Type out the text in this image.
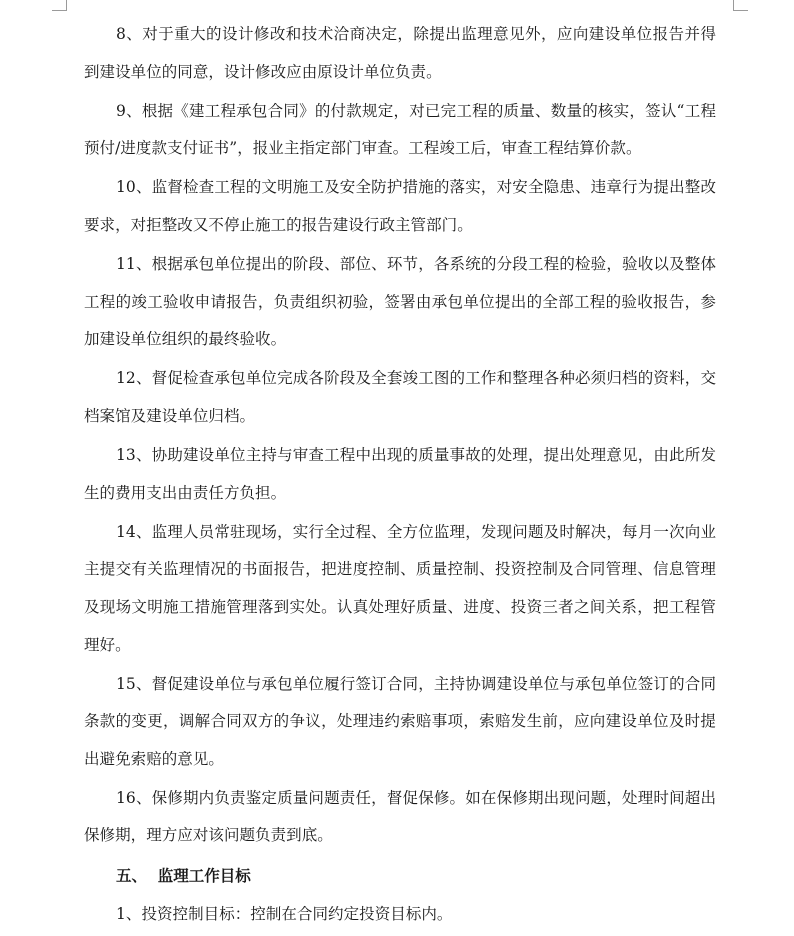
8、对于重大的设计修改和技术洽商决定，除提出监理意见外，应向建设单位报告并得到建设单位的同意，设计修改应由原设计单位负责。

9、根据《建工程承包合同》的付款规定，对已完工程的质量、数量的核实，签认“工程预付/进度款支付证书”，报业主指定部门审查。工程竣工后，审查工程结算价款。

10、监督检查工程的文明施工及安全防护措施的落实，对安全隐患、违章行为提出整改要求，对拒整改又不停止施工的报告建设行政主管部门。

11、根据承包单位提出的阶段、部位、环节，各系统的分段工程的检验，验收以及整体工程的竣工验收申请报告，负责组织初验，签署由承包单位提出的全部工程的验收报告，参加建设单位组织的最终验收。

12、督促检查承包单位完成各阶段及全套竣工图的工作和整理各种必须归档的资料，交档案馆及建设单位归档。

13、协助建设单位主持与审查工程中出现的质量事故的处理，提出处理意见，由此所发生的费用支出由责任方负担。

14、监理人员常驻现场，实行全过程、全方位监理，发现问题及时解决，每月一次向业主提交有关监理情况的书面报告，把进度控制、质量控制、投资控制及合同管理、信息管理及现场文明施工措施管理落到实处。认真处理好质量、进度、投资三者之间关系，把工程管理好。

15、督促建设单位与承包单位履行签订合同，主持协调建设单位与承包单位签订的合同条款的变更，调解合同双方的争议，处理违约索赔事项，索赔发生前，应向建设单位及时提出避免索赔的意见。

16、保修期内负责鉴定质量问题责任，督促保修。如在保修期出现问题，处理时间超出保修期，理方应对该问题负责到底。

五、  监理工作目标

1、投资控制目标：控制在合同约定投资目标内。
